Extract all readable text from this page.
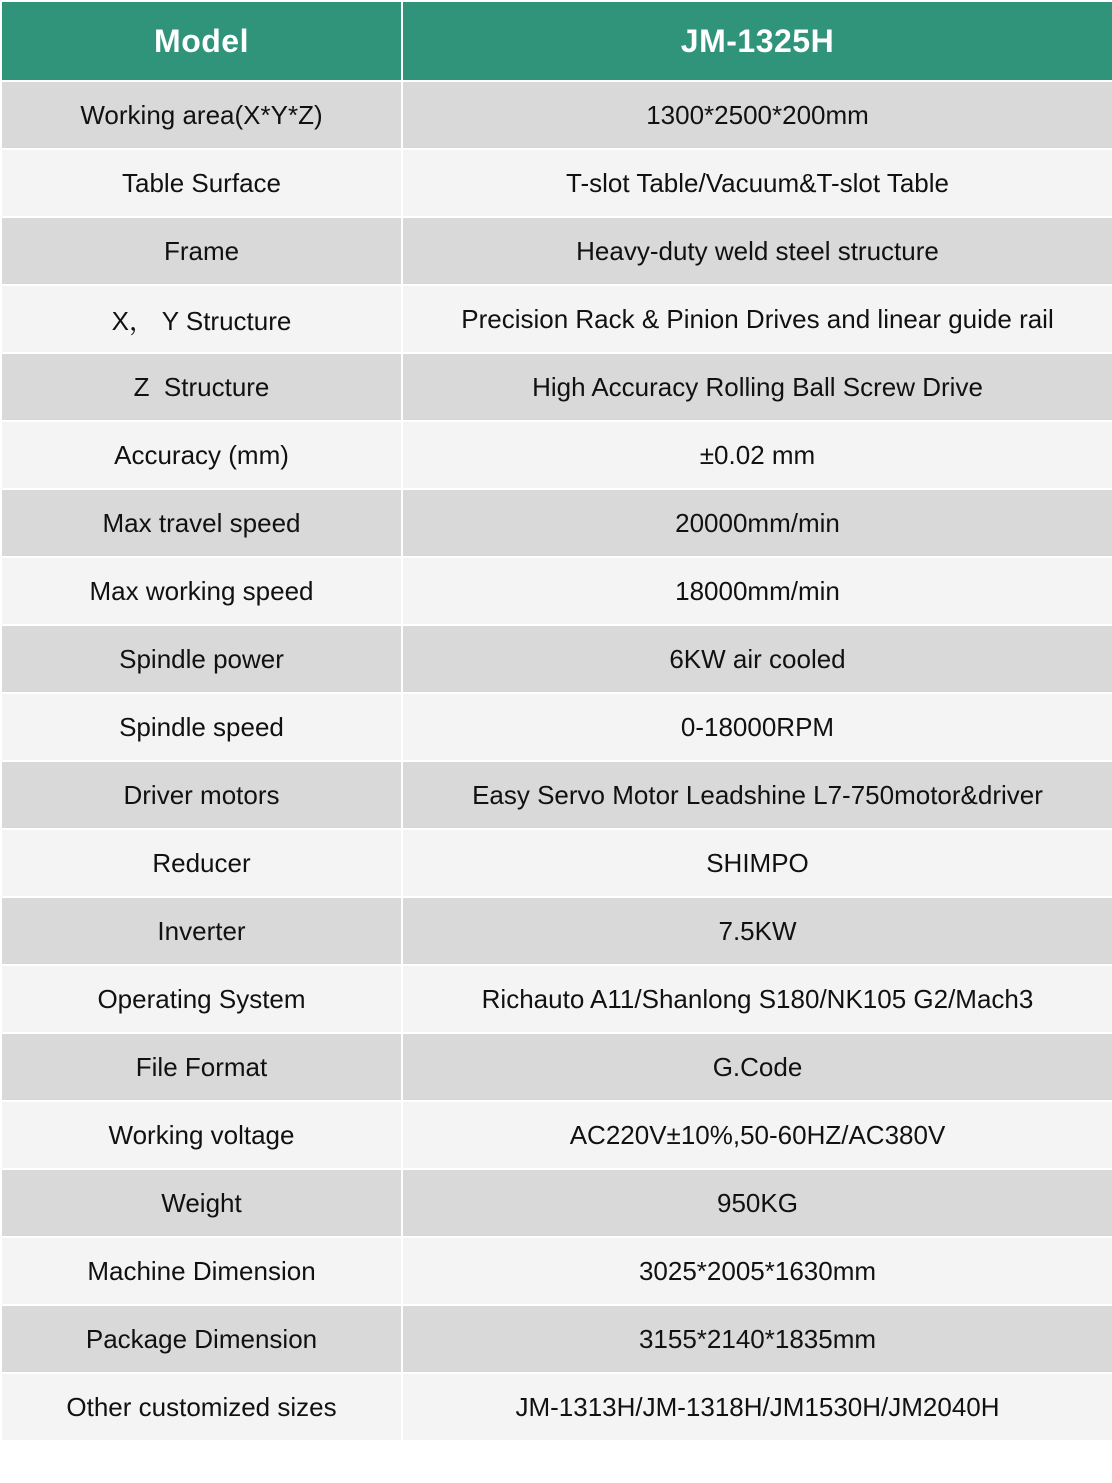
Model	JM-1325H
Working area(X*Y*Z)	1300*2500*200mm
Table Surface	T-slot Table/Vacuum&T-slot Table
Frame	Heavy-duty weld steel structure
X， Y Structure	Precision Rack & Pinion Drives and linear guide rail
Z  Structure	High Accuracy Rolling Ball Screw Drive
Accuracy (mm)	±0.02 mm
Max travel speed	20000mm/min
Max working speed	18000mm/min
Spindle power	6KW air cooled
Spindle speed	0-18000RPM
Driver motors	Easy Servo Motor Leadshine L7-750motor&driver
Reducer	SHIMPO
Inverter	7.5KW
Operating System	Richauto A11/Shanlong S180/NK105 G2/Mach3
File Format	G.Code
Working voltage	AC220V±10%,50-60HZ/AC380V
Weight	950KG
Machine Dimension	3025*2005*1630mm
Package Dimension	3155*2140*1835mm
Other customized sizes	JM-1313H/JM-1318H/JM1530H/JM2040H
